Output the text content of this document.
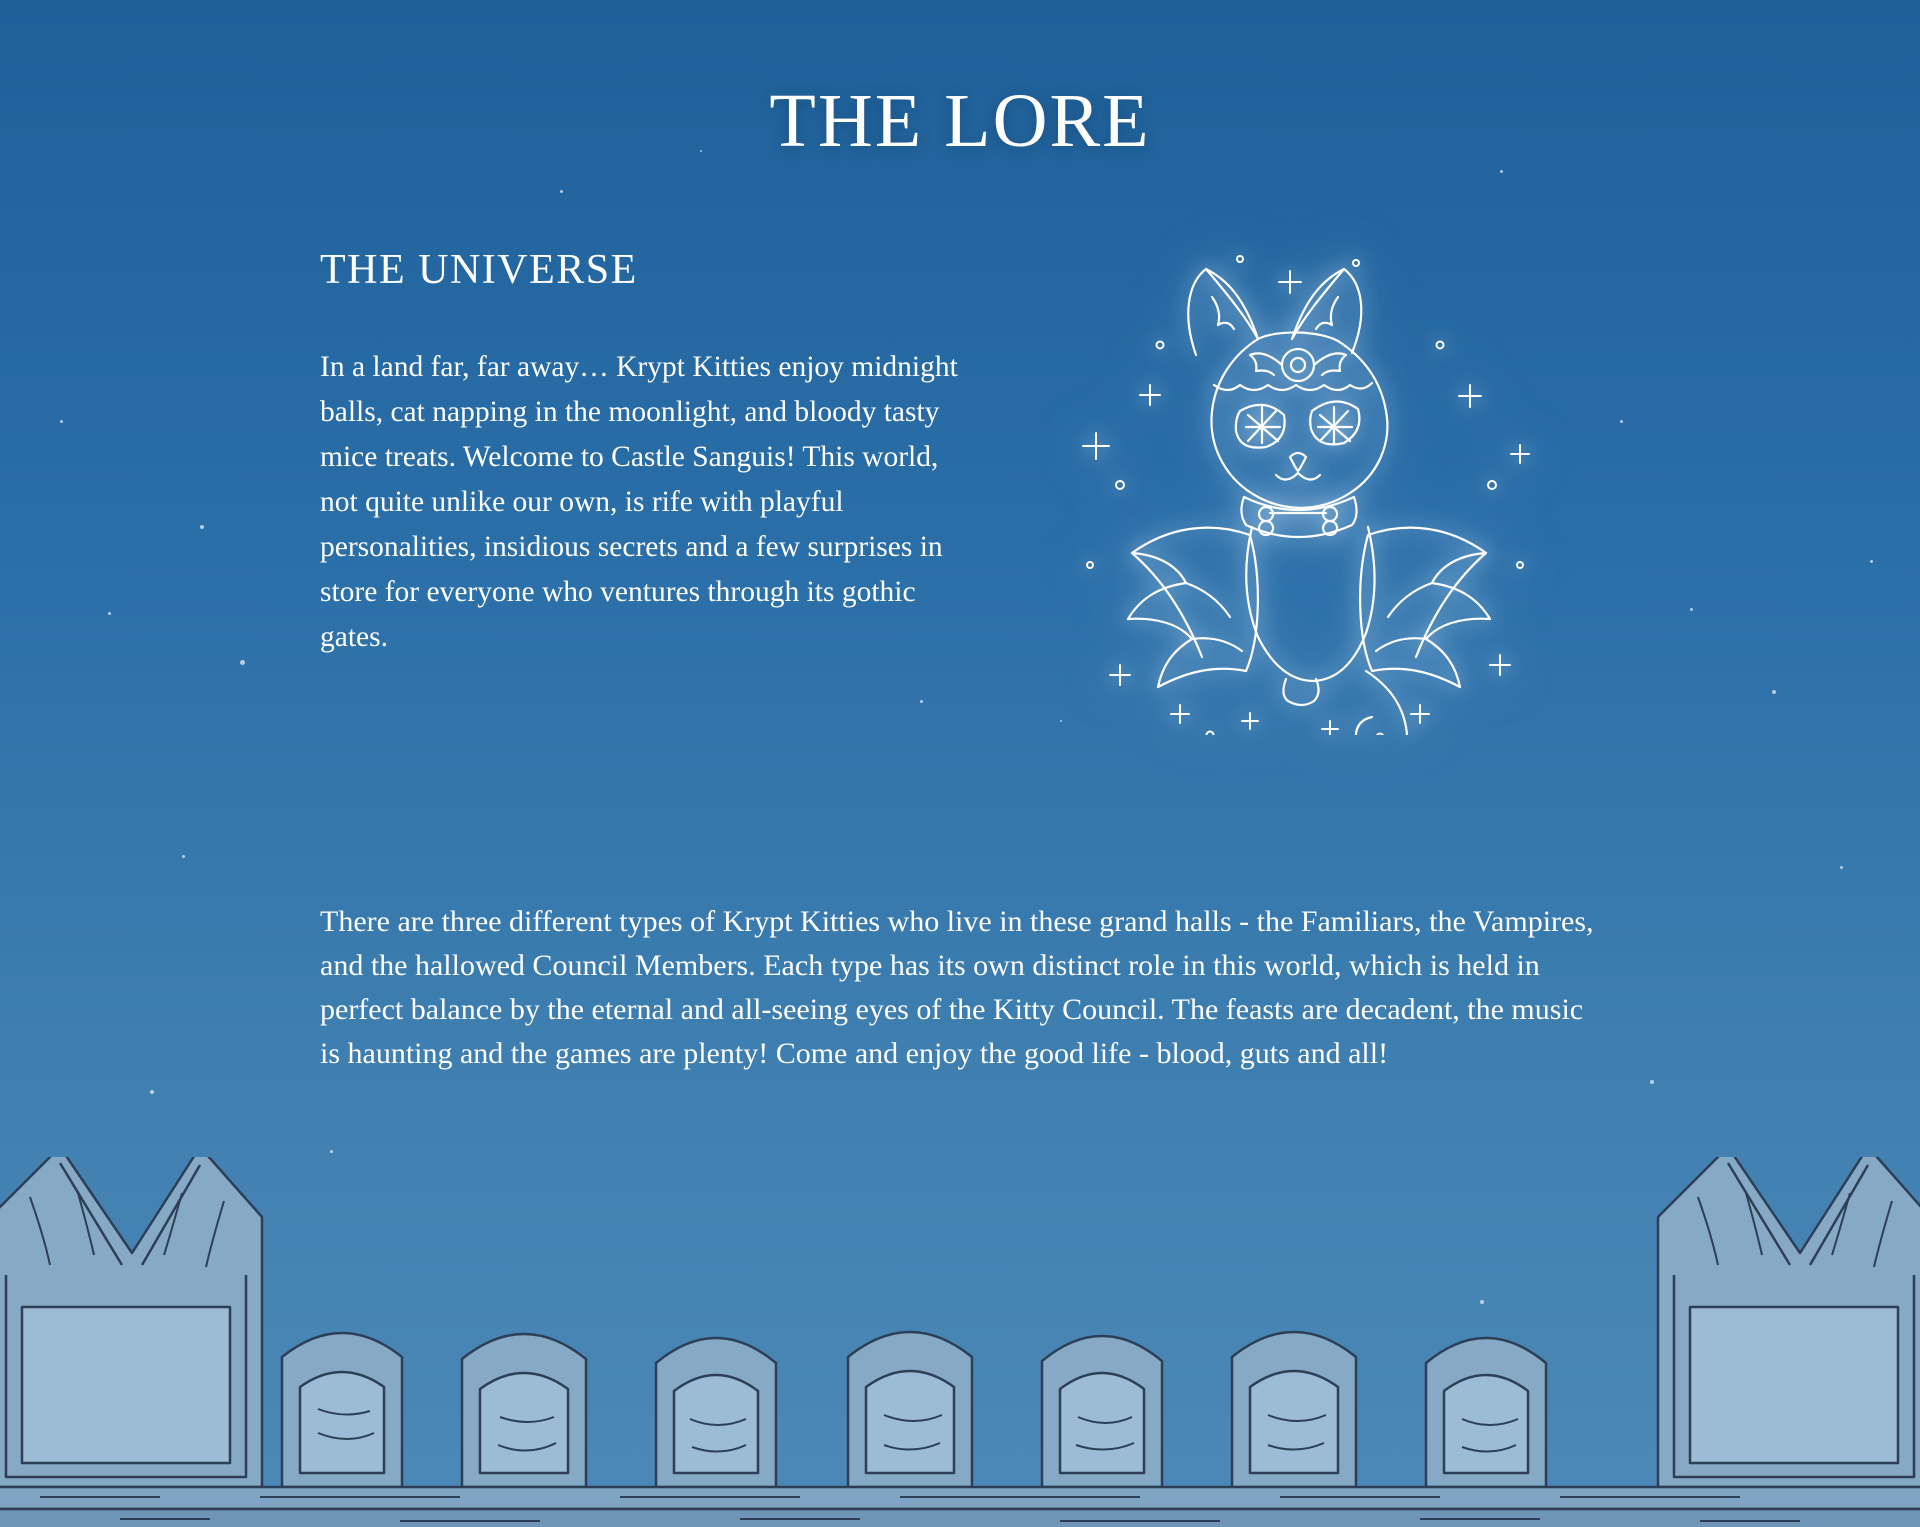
THE LORE
THE UNIVERSE

In a land far, far away… Krypt Kitties enjoy midnight balls, cat napping in the moonlight, and bloody tasty mice treats. Welcome to Castle Sanguis! This world, not quite unlike our own, is rife with playful personalities, insidious secrets and a few surprises in store for everyone who ventures through its gothic gates.

There are three different types of Krypt Kitties who live in these grand halls - the Familiars, the Vampires, and the hallowed Council Members. Each type has its own distinct role in this world, which is held in perfect balance by the eternal and all-seeing eyes of the Kitty Council. The feasts are decadent, the music is haunting and the games are plenty! Come and enjoy the good life - blood, guts and all!
